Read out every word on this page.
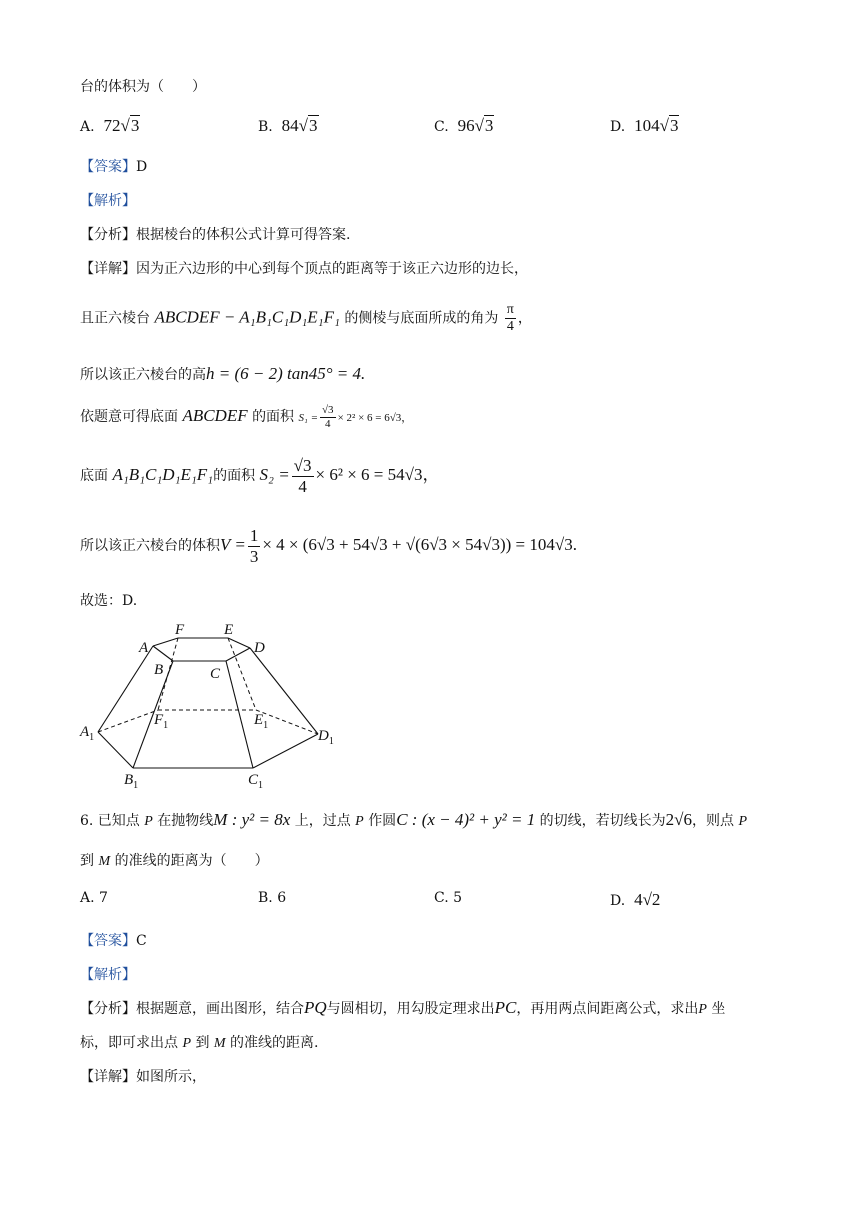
台的体积为（　　）
A. 72√3	B. 84√3	C. 96√3	D. 104√3
【答案】D
【解析】
【分析】根据棱台的体积公式计算可得答案.
【详解】因为正六边形的中心到每个顶点的距离等于该正六边形的边长，
且正六棱台 ABCDEF − A₁B₁C₁D₁E₁F₁ 的侧棱与底面所成的角为 $\frac{\pi}{4}$ ，
所以该正六棱台的高h = (6 − 2) tan45° = 4.
依题意可得底面 ABCDEF 的面积 $S_1 = \frac{√3}{4} \times 2^2 \times 6 = 6√3$，
底面 A₁B₁C₁D₁E₁F₁的面积 $S_2 = \frac{√3}{4} \times 6^2 \times 6 = 54√3$，
所以该正六棱台的体积$V = \frac{1}{3} \times 4 \times (6√3 + 54√3 + √(6√3 \times 54√3)) = 104√3$.
故选：D.
A
F	E
D
B	C
$F_1$	$E_1$
$A_1$	$D_1$
$B_1$	$C_1$
6. 已知点 P 在抛物线M : y² = 8x 上，过点 P 作圆C : (x − 4)² + y² = 1 的切线，若切线长为2√6，则点 P
到 M 的准线的距离为（　　）
A. 7	B. 6	C. 5	D. 4√2
【答案】C
【解析】
【分析】根据题意，画出图形，结合PQ与圆相切，用勾股定理求出PC，再用两点间距离公式，求出P 坐
标，即可求出点 P 到 M 的准线的距离.
【详解】如图所示，
